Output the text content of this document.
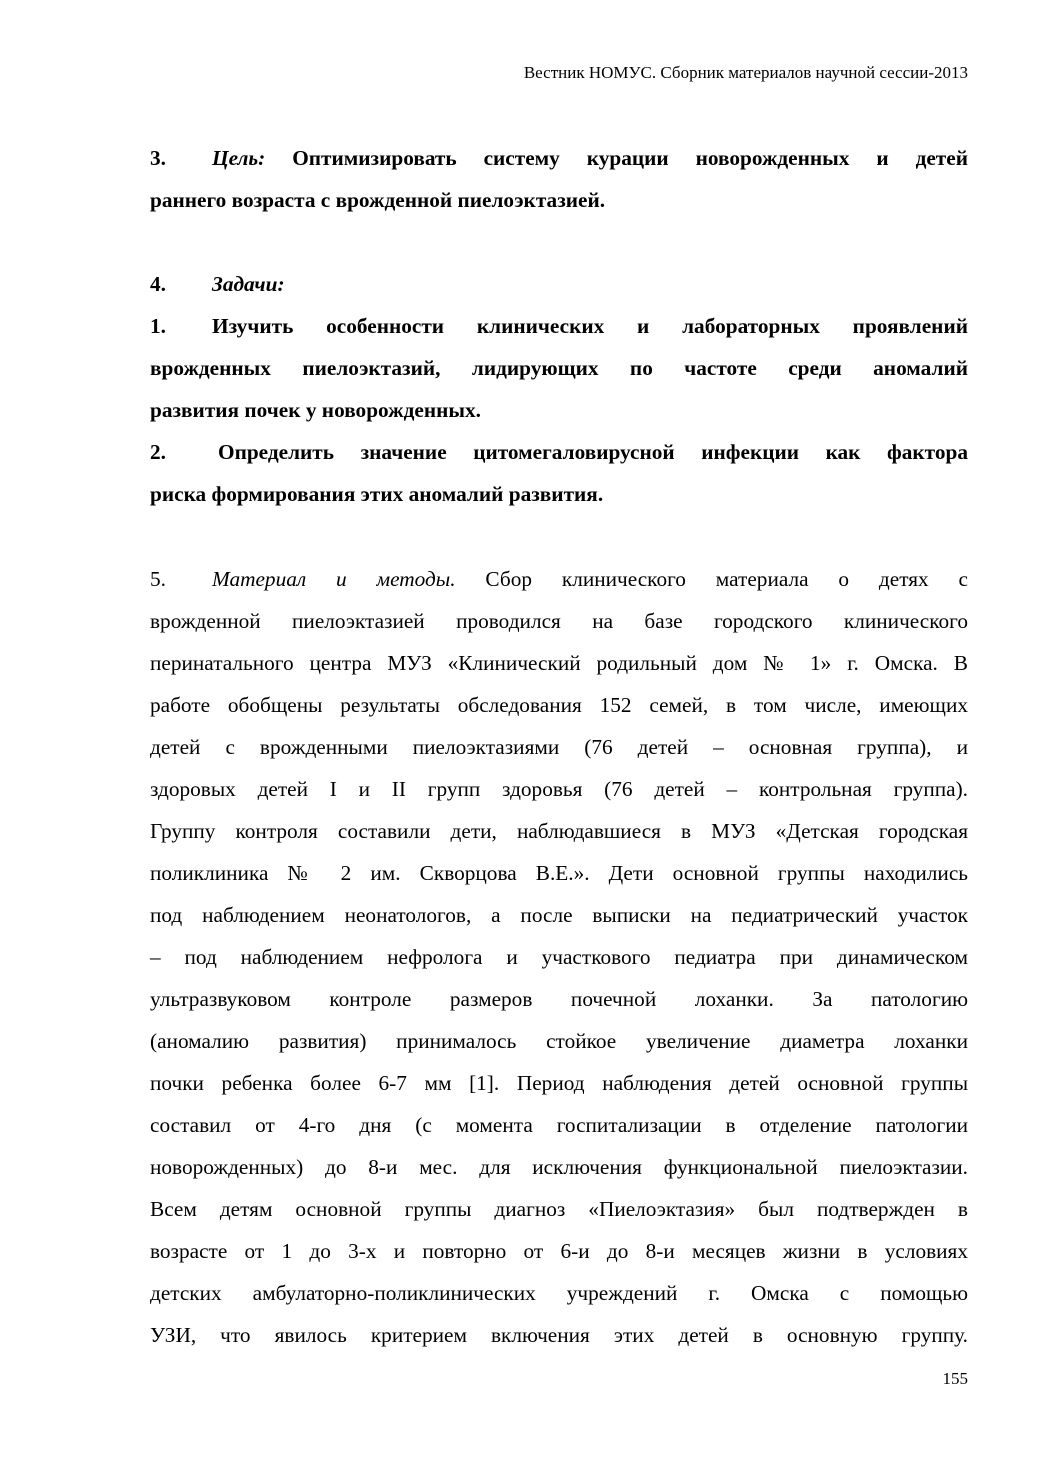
Вестник НОМУС. Сборник материалов научной сессии-2013
3. Цель: Оптимизировать систему курации новорожденных и детей
раннего возраста с врожденной пиелоэктазией.
4. Задачи:
1. Изучить особенности клинических и лабораторных проявлений
врожденных пиелоэктазий, лидирующих по частоте среди аномалий
развития почек у новорожденных.
2. Определить значение цитомегаловирусной инфекции как фактора
риска формирования этих аномалий развития.
5. Материал и методы. Сбор клинического материала о детях с
врожденной пиелоэктазией проводился на базе городского клинического
перинатального центра МУЗ «Клинический родильный дом № 1» г. Омска. В
работе обобщены результаты обследования 152 семей, в том числе, имеющих
детей с врожденными пиелоэктазиями (76 детей – основная группа), и
здоровых детей I и II групп здоровья (76 детей – контрольная группа).
Группу контроля составили дети, наблюдавшиеся в МУЗ «Детская городская
поликлиника № 2 им. Скворцова В.Е.». Дети основной группы находились
под наблюдением неонатологов, а после выписки на педиатрический участок
– под наблюдением нефролога и участкового педиатра при динамическом
ультразвуковом контроле размеров почечной лоханки. За патологию
(аномалию развития) принималось стойкое увеличение диаметра лоханки
почки ребенка более 6-7 мм [1]. Период наблюдения детей основной группы
составил от 4-го дня (с момента госпитализации в отделение патологии
новорожденных) до 8-и мес. для исключения функциональной пиелоэктазии.
Всем детям основной группы диагноз «Пиелоэктазия» был подтвержден в
возрасте от 1 до 3-х и повторно от 6-и до 8-и месяцев жизни в условиях
детских амбулаторно-поликлинических учреждений г. Омска с помощью
УЗИ, что явилось критерием включения этих детей в основную группу.
155
